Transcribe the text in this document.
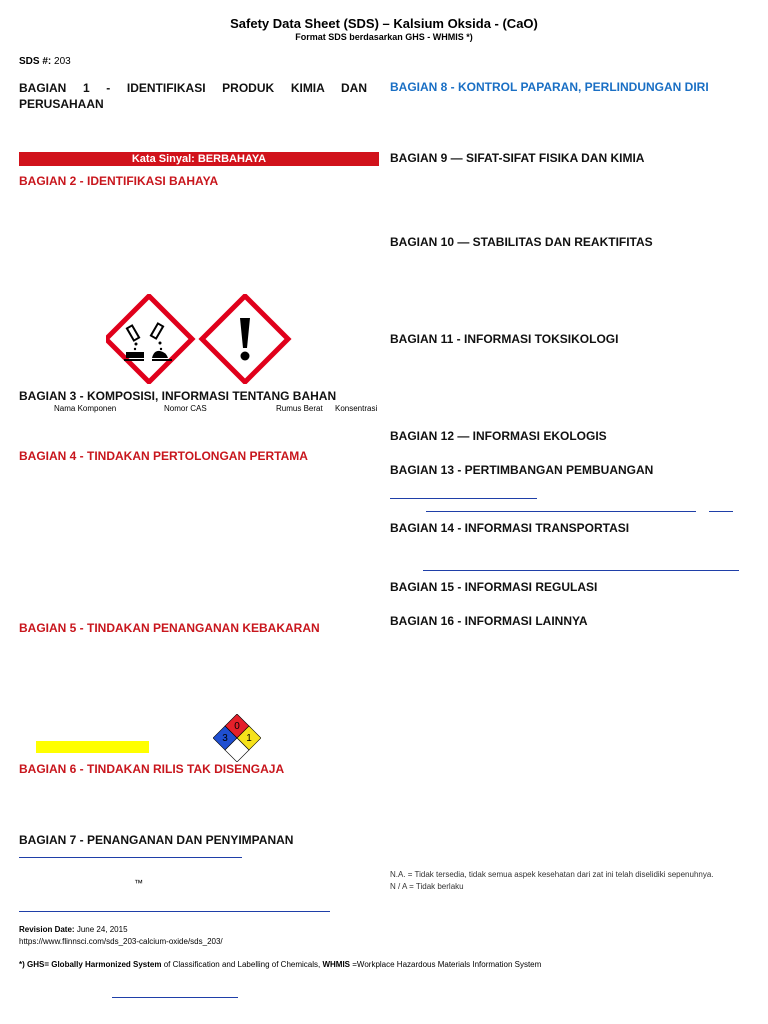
Safety Data Sheet (SDS) – Kalsium Oksida - (CaO)
Format SDS berdasarkan GHS - WHMIS *)
SDS #: 203
BAGIAN 1 - IDENTIFIKASI PRODUK KIMIA DAN PERUSAHAAN
Kata Sinyal: BERBAHAYA
BAGIAN 2 - IDENTIFIKASI BAHAYA
BAGIAN 3 - KOMPOSISI, INFORMASI TENTANG BAHAN
Nama Komponen	Nomor CAS	Rumus Berat Konsentrasi
BAGIAN 4 - TINDAKAN PERTOLONGAN PERTAMA
BAGIAN 5 - TINDAKAN PENANGANAN KEBAKARAN
0
3 1
BAGIAN 6 - TINDAKAN RILIS TAK DISENGAJA
BAGIAN 7 - PENANGANAN DAN PENYIMPANAN
™
Revision Date: June 24, 2015
https://www.flinnsci.com/sds_203-calcium-oxide/sds_203/
*) GHS= Globally Harmonized System of Classification and Labelling of Chemicals, WHMIS =Workplace Hazardous Materials Information System
BAGIAN 8 - KONTROL PAPARAN, PERLINDUNGAN DIRI
BAGIAN 9 — SIFAT-SIFAT FISIKA DAN KIMIA
BAGIAN 10 — STABILITAS DAN REAKTIFITAS
BAGIAN 11 - INFORMASI TOKSIKOLOGI
BAGIAN 12 — INFORMASI EKOLOGIS
BAGIAN 13 - PERTIMBANGAN PEMBUANGAN
BAGIAN 14 - INFORMASI TRANSPORTASI
BAGIAN 15 - INFORMASI REGULASI
BAGIAN 16 - INFORMASI LAINNYA
N.A. = Tidak tersedia, tidak semua aspek kesehatan dari zat ini telah diselidiki sepenuhnya.
N / A = Tidak berlaku
